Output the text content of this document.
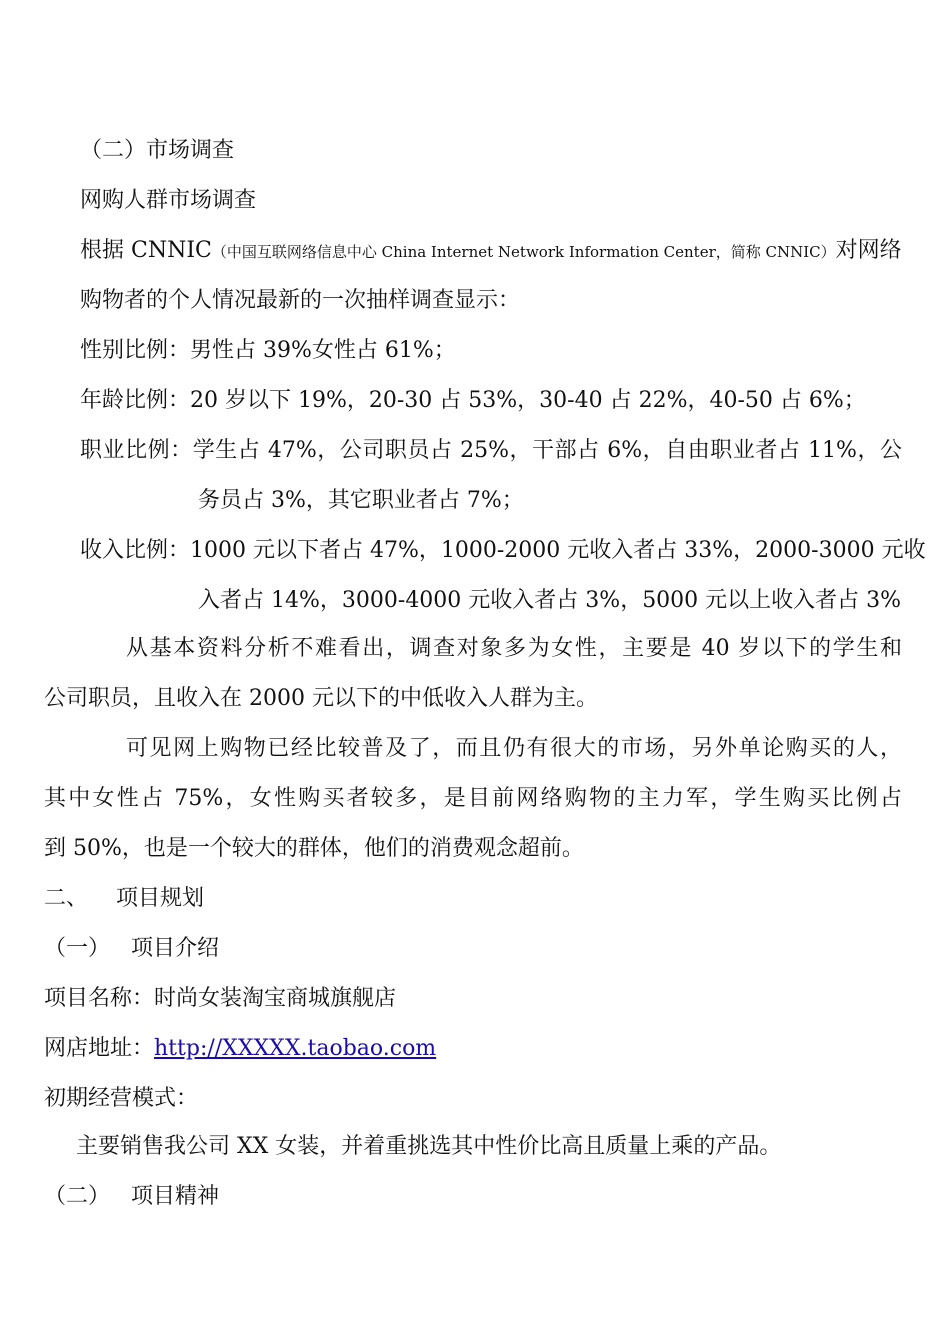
（二）市场调查
网购人群市场调查
根据 CNNIC（中国互联网络信息中心 China Internet Network Information Center，简称 CNNIC）对网络
购物者的个人情况最新的一次抽样调查显示：
性别比例：男性占 39%女性占 61%；
年龄比例：20 岁以下 19%，20-30 占 53%，30-40 占 22%，40-50 占 6%；
职业比例：学生占 47%，公司职员占 25%，干部占 6%，自由职业者占 11%，公
务员占 3%，其它职业者占 7%；
收入比例：1000 元以下者占 47%，1000-2000 元收入者占 33%，2000-3000 元收
入者占 14%，3000-4000 元收入者占 3%，5000 元以上收入者占 3%
从基本资料分析不难看出，调查对象多为女性，主要是 40 岁以下的学生和
公司职员，且收入在 2000 元以下的中低收入人群为主。
可见网上购物已经比较普及了，而且仍有很大的市场，另外单论购买的人，
其中女性占 75%，女性购买者较多，是目前网络购物的主力军，学生购买比例占
到 50%，也是一个较大的群体，他们的消费观念超前。
二、    项目规划
（一）   项目介绍
项目名称：时尚女装淘宝商城旗舰店
网店地址：http://XXXXX.taobao.com
初期经营模式：
主要销售我公司 XX 女装，并着重挑选其中性价比高且质量上乘的产品。
（二）   项目精神
